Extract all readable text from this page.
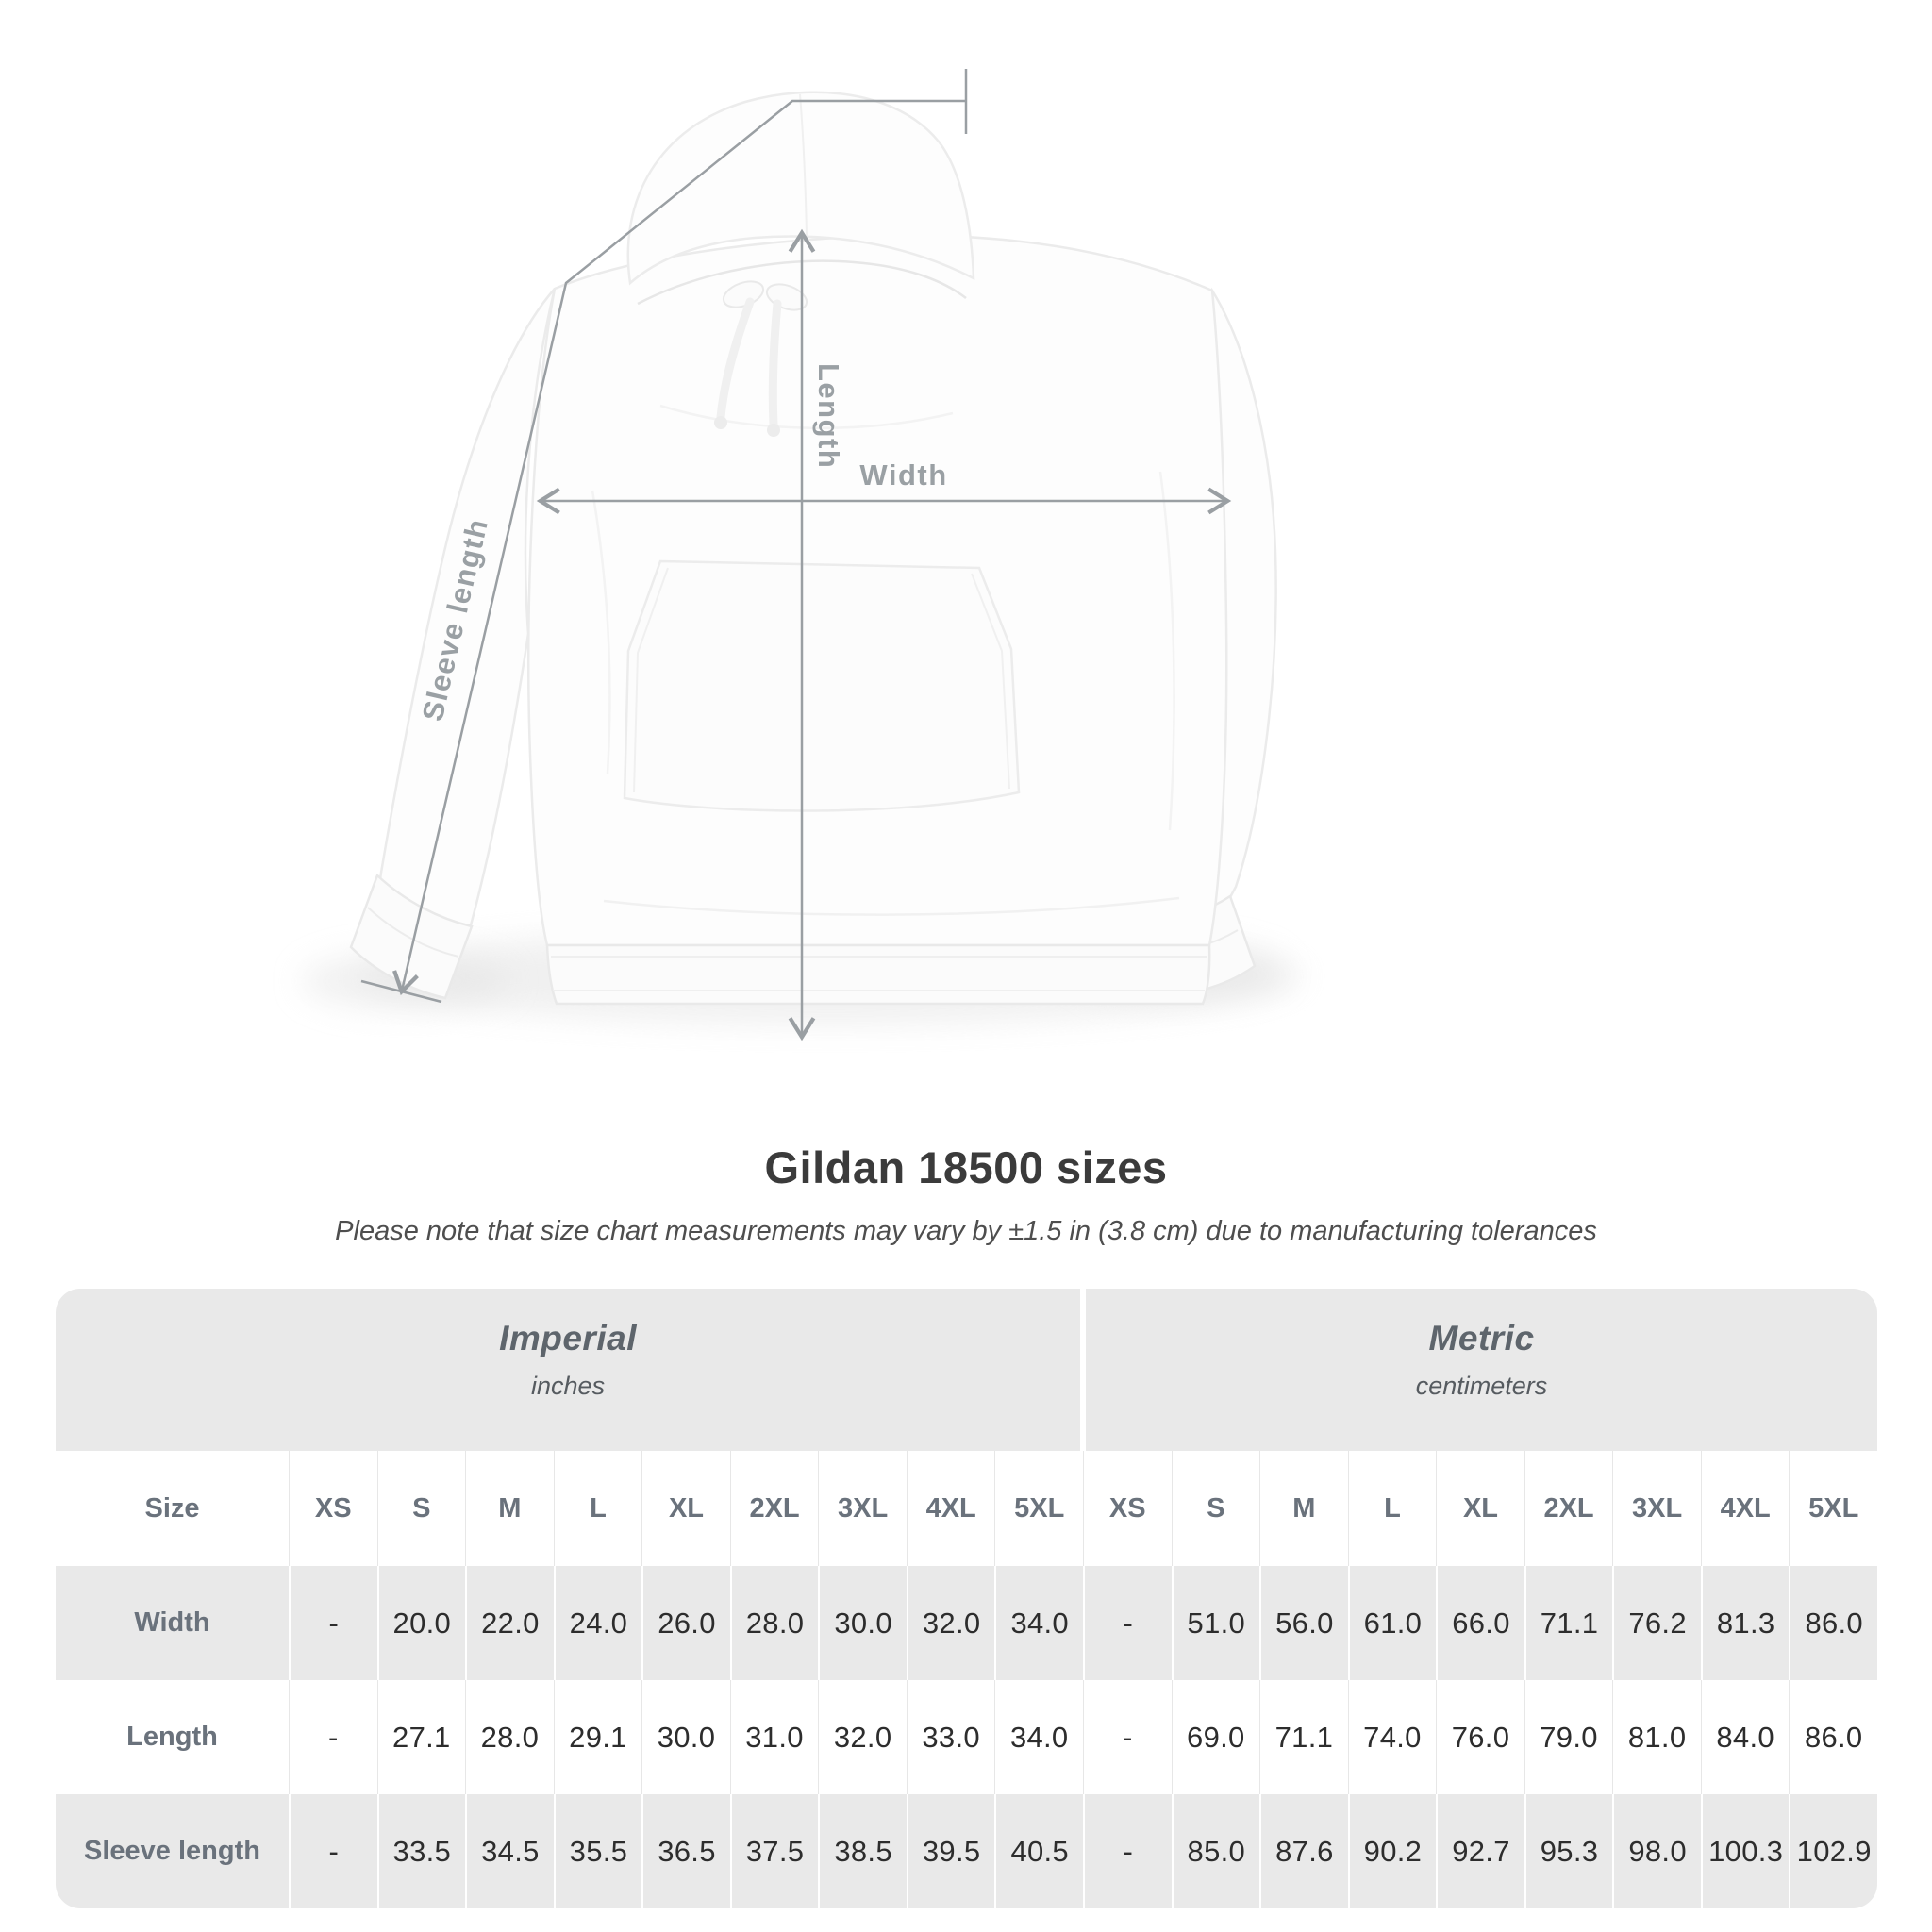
Length
Width
Sleeve length
Gildan 18500 sizes

Please note that size chart measurements may vary by ±1.5 in (3.8 cm) due to manufacturing tolerances

Imperial
inches
Metric
centimeters
Size	XS	S	M	L	XL	2XL	3XL	4XL	5XL	XS	S	M	L	XL	2XL	3XL	4XL	5XL
Width	-	20.0	22.0	24.0	26.0	28.0	30.0	32.0	34.0	-	51.0	56.0	61.0	66.0	71.1	76.2	81.3	86.0
Length	-	27.1	28.0	29.1	30.0	31.0	32.0	33.0	34.0	-	69.0	71.1	74.0	76.0	79.0	81.0	84.0	86.0
Sleeve length	-	33.5	34.5	35.5	36.5	37.5	38.5	39.5	40.5	-	85.0	87.6	90.2	92.7	95.3	98.0 100.3 102.9
